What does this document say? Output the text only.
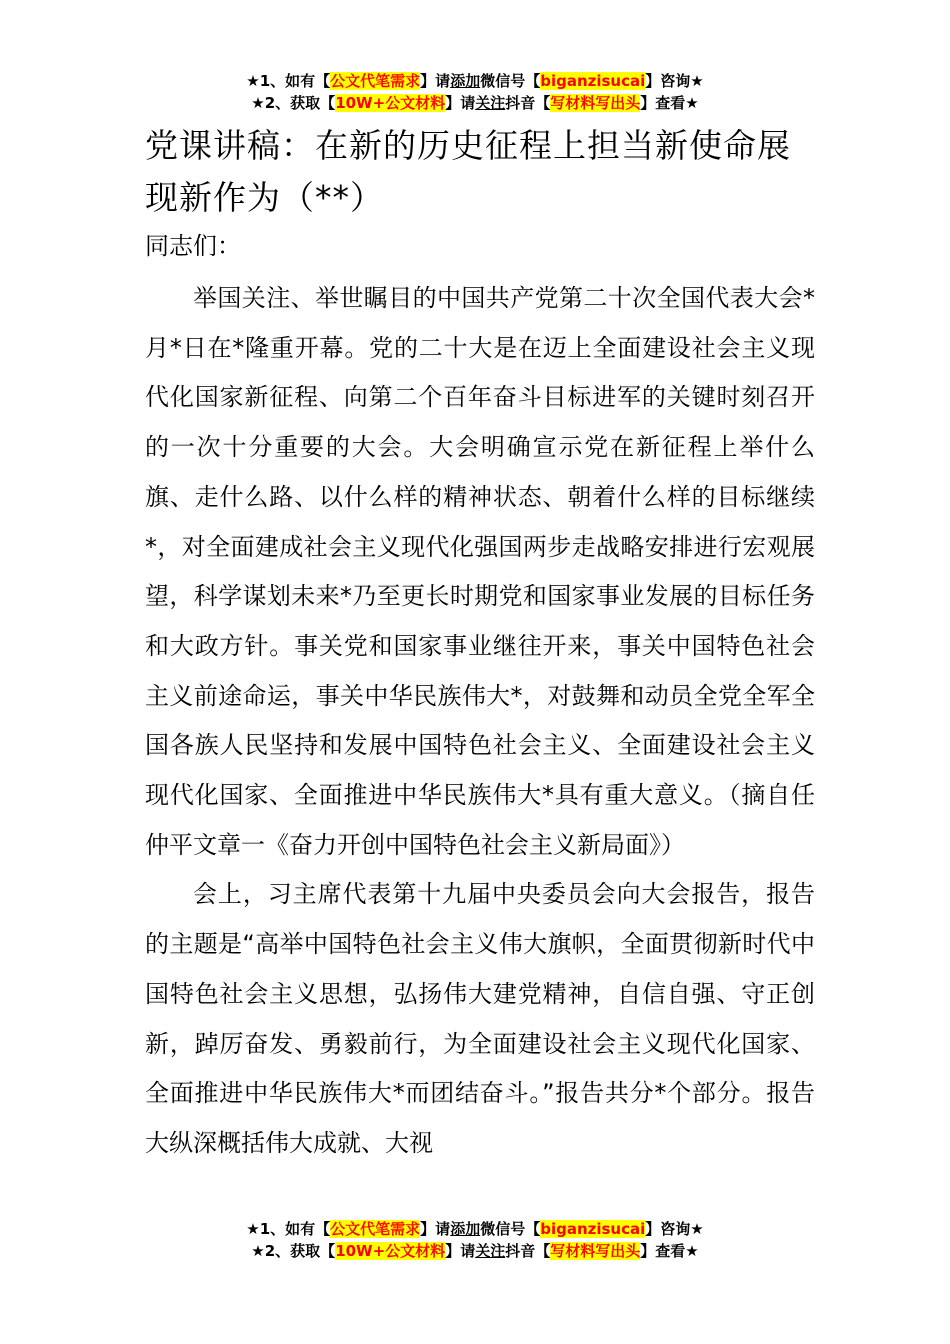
★1、如有【公文代笔需求】请添加微信号【biganzisucai】咨询★
★2、获取【10W+公文材料】请关注抖音【写材料写出头】查看★
党课讲稿：在新的历史征程上担当新使命展现新作为（**）
同志们：

举国关注、举世瞩目的中国共产党第二十次全国代表大会*月*日在*隆重开幕。党的二十大是在迈上全面建设社会主义现代化国家新征程、向第二个百年奋斗目标进军的关键时刻召开的一次十分重要的大会。大会明确宣示党在新征程上举什么旗、走什么路、以什么样的精神状态、朝着什么样的目标继续*，对全面建成社会主义现代化强国两步走战略安排进行宏观展望，科学谋划未来*乃至更长时期党和国家事业发展的目标任务和大政方针。事关党和国家事业继往开来，事关中国特色社会主义前途命运，事关中华民族伟大*，对鼓舞和动员全党全军全国各族人民坚持和发展中国特色社会主义、全面建设社会主义现代化国家、全面推进中华民族伟大*具有重大意义。（摘自任仲平文章一《奋力开创中国特色社会主义新局面》）

会上，习主席代表第十九届中央委员会向大会报告，报告的主题是“高举中国特色社会主义伟大旗帜，全面贯彻新时代中国特色社会主义思想，弘扬伟大建党精神，自信自强、守正创新，踔厉奋发、勇毅前行，为全面建设社会主义现代化国家、全面推进中华民族伟大*而团结奋斗。”报告共分*个部分。报告大纵深概括伟大成就、大视

★1、如有【公文代笔需求】请添加微信号【biganzisucai】咨询★
★2、获取【10W+公文材料】请关注抖音【写材料写出头】查看★
